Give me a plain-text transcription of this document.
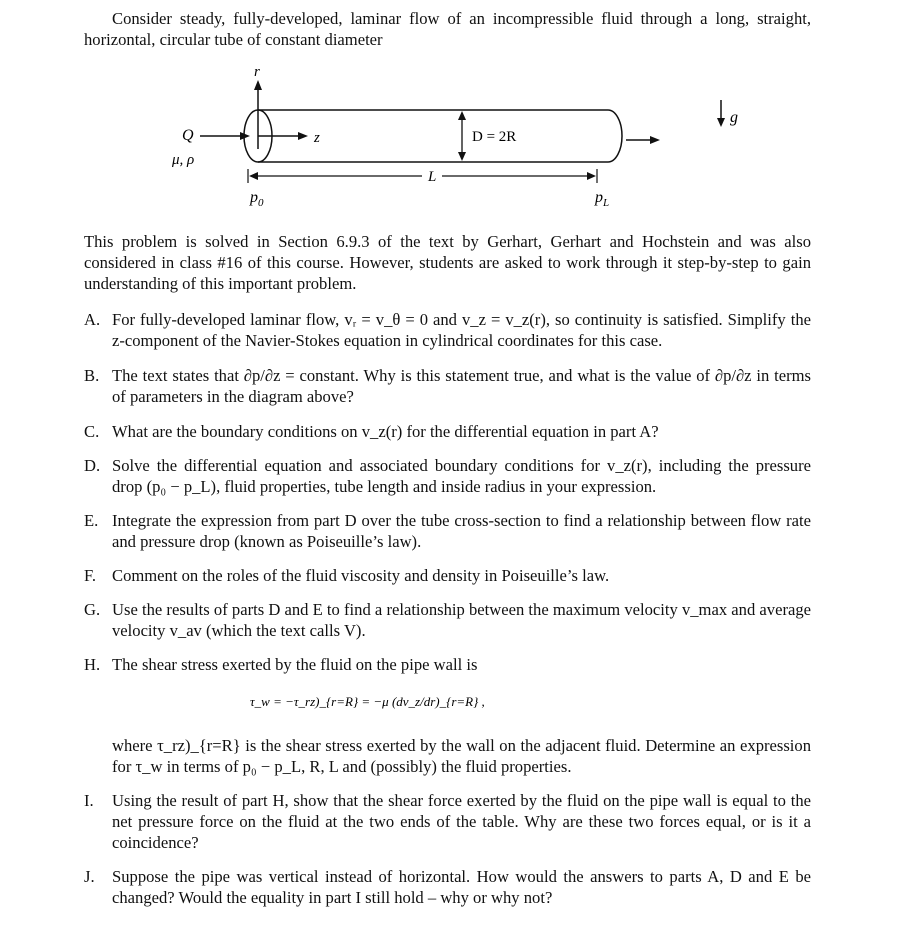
Consider steady, fully-developed, laminar flow of an incompressible fluid through a long, straight, horizontal, circular tube of constant diameter
r
Q
μ, ρ
z	D = 2R
g
L
$p_0$	$p_L$
This problem is solved in Section 6.9.3 of the text by Gerhart, Gerhart and Hochstein and was also considered in class #16 of this course. However, students are asked to work through it step-by-step to gain understanding of this important problem.
A. For fully-developed laminar flow, vᵣ = v_θ = 0 and v_z = v_z(r), so continuity is satisfied. Simplify the z-component of the Navier-Stokes equation in cylindrical coordinates for this case.
B. The text states that ∂p/∂z = constant. Why is this statement true, and what is the value of ∂p/∂z in terms of parameters in the diagram above?
C. What are the boundary conditions on v_z(r) for the differential equation in part A?
D. Solve the differential equation and associated boundary conditions for v_z(r), including the pressure drop (p₀ − p_L), fluid properties, tube length and inside radius in your expression.
E. Integrate the expression from part D over the tube cross-section to find a relationship between flow rate and pressure drop (known as Poiseuille’s law).
F. Comment on the roles of the fluid viscosity and density in Poiseuille’s law.
G. Use the results of parts D and E to find a relationship between the maximum velocity v_max and average velocity v_av (which the text calls V).
H. The shear stress exerted by the fluid on the pipe wall is
τ_w = −τ_rz)_{r=R} = −μ (dv_z/dr)_{r=R} ,
where τ_rz)_{r=R} is the shear stress exerted by the wall on the adjacent fluid. Determine an expression for τ_w in terms of p₀ − p_L, R, L and (possibly) the fluid properties.
I.	Using the result of part H, show that the shear force exerted by the fluid on the pipe wall is equal to the net pressure force on the fluid at the two ends of the table. Why are these two forces equal, or is it a coincidence?
J.	Suppose the pipe was vertical instead of horizontal. How would the answers to parts A, D and E be changed? Would the equality in part I still hold – why or why not?
